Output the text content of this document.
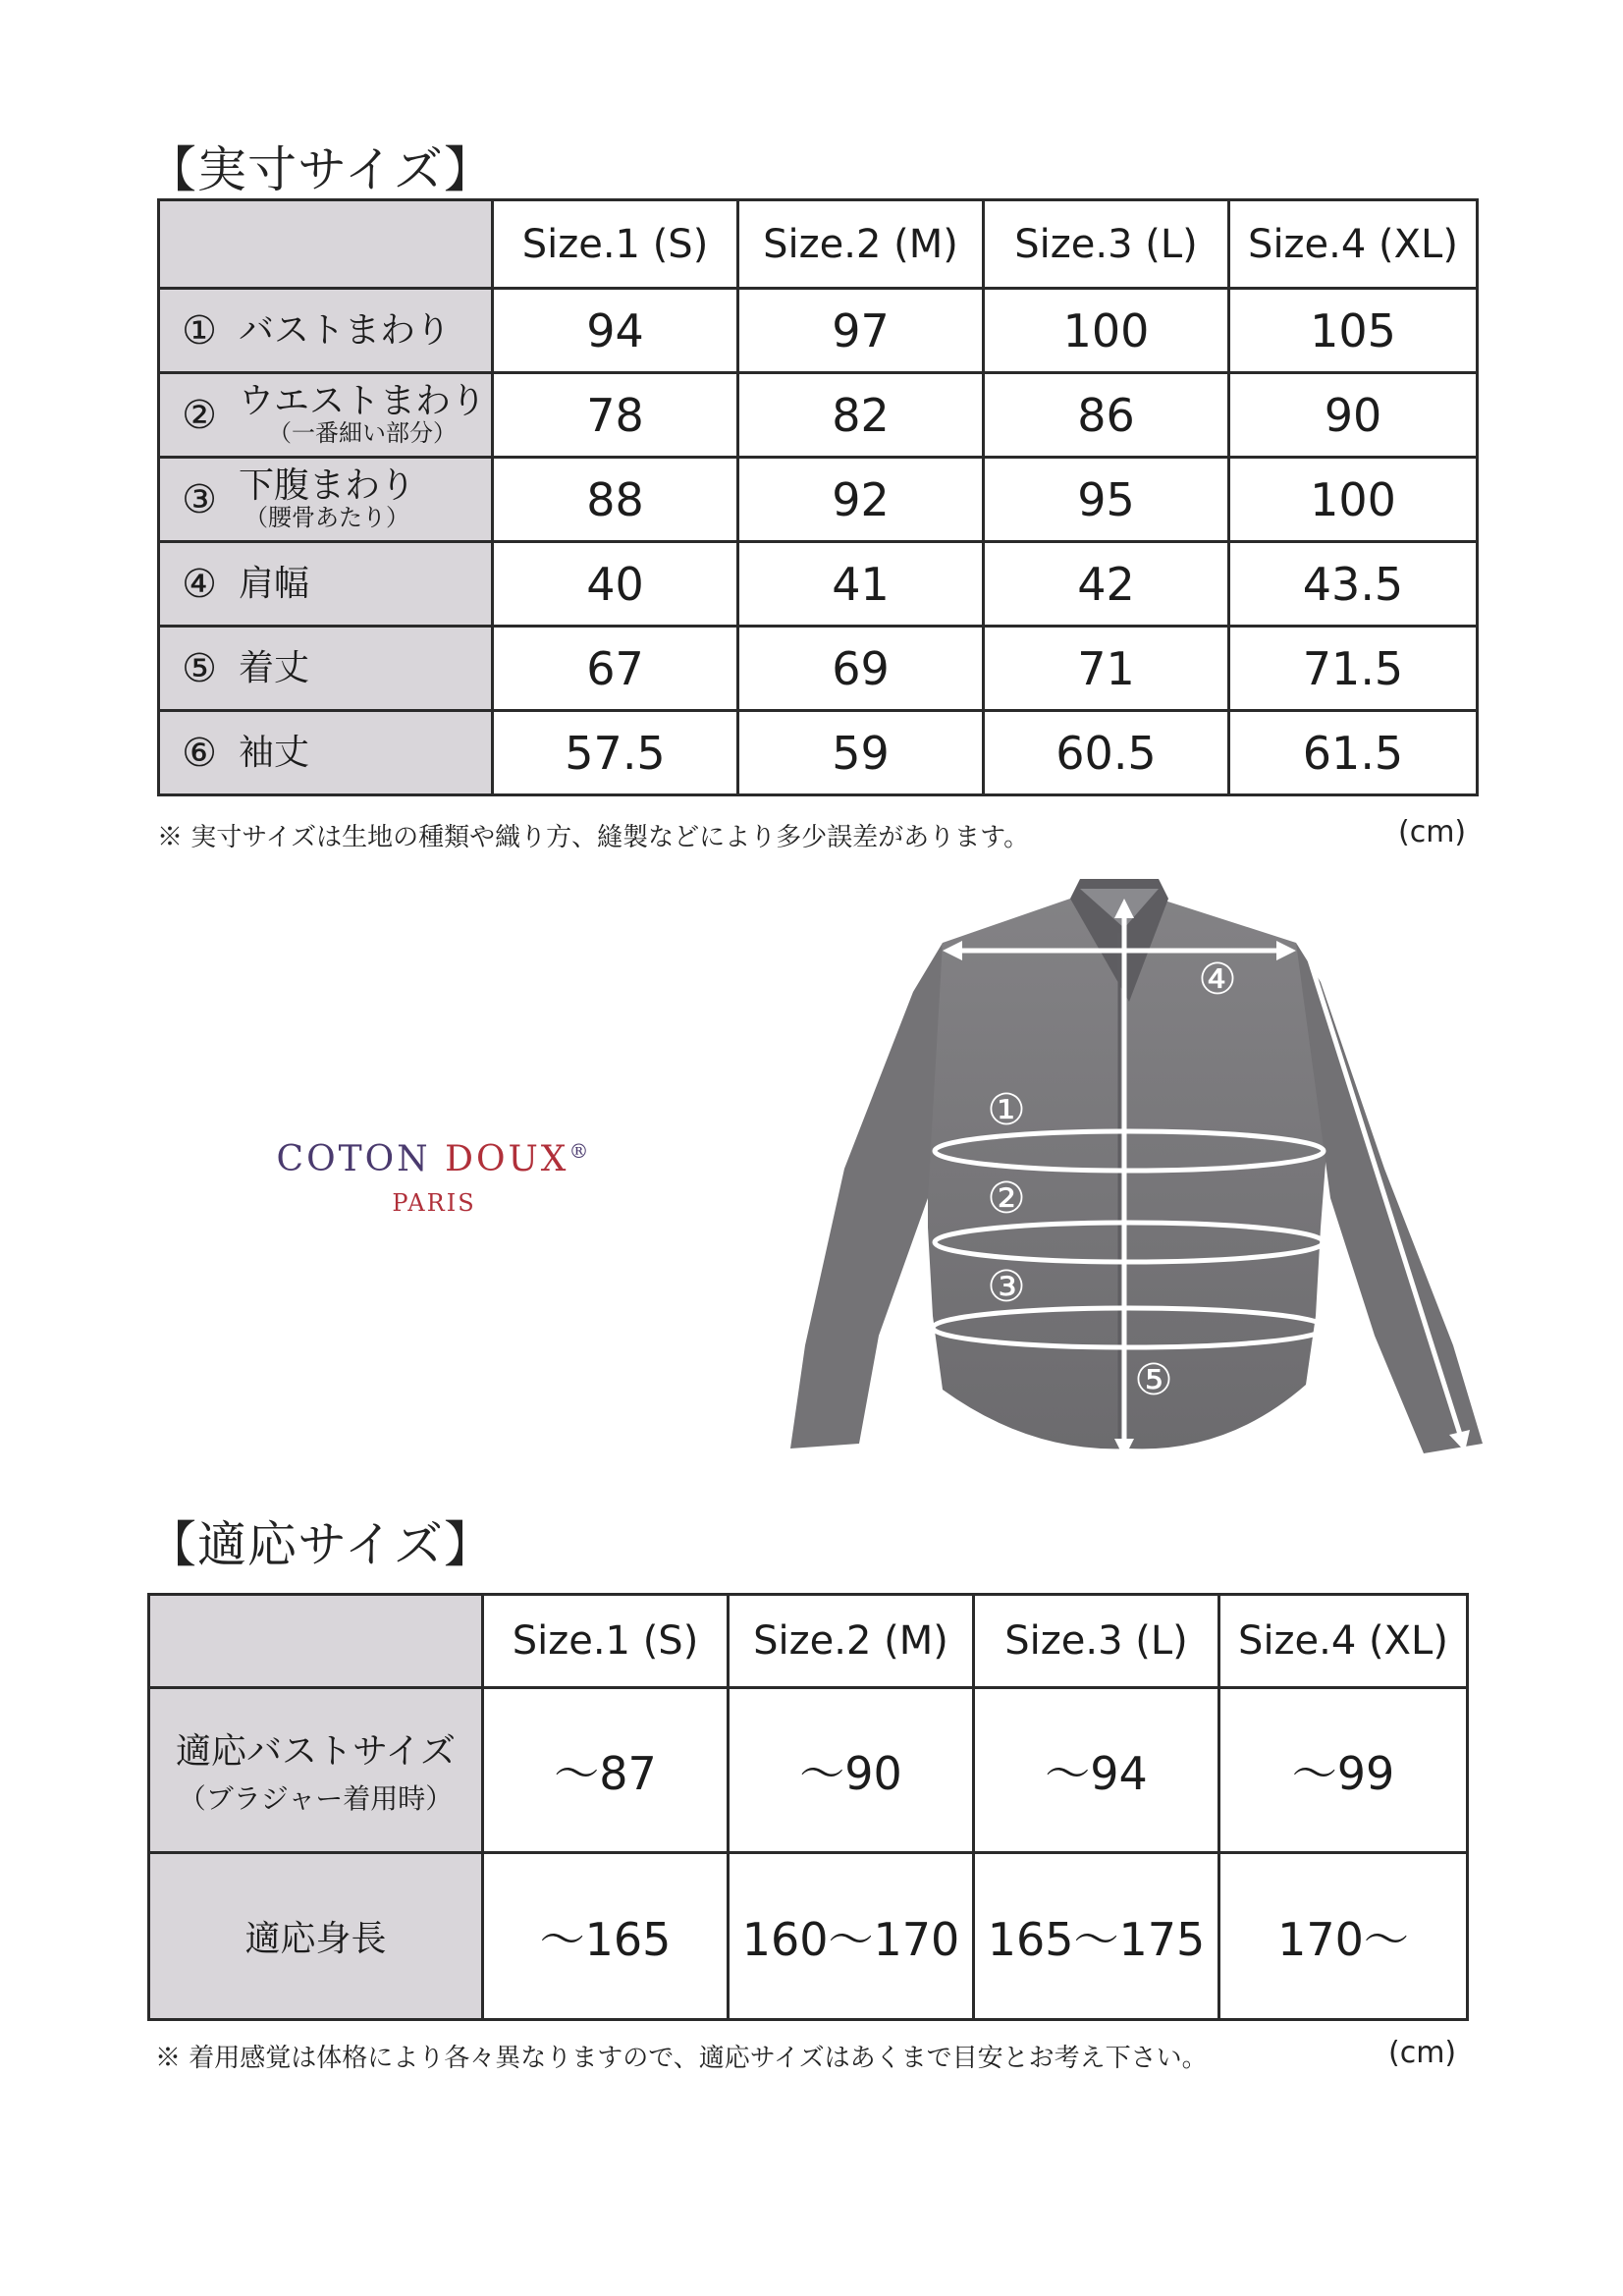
【実寸サイズ】
	Size.1 (S)	Size.2 (M)	Size.3 (L)	Size.4 (XL)

① バストまわり	94	97	100	105

② ウエストまわり
（一番細い部分）	78	82	86	90

③ 下腹まわり
（腰骨あたり）	88	92	95	100

④ 肩幅	40	41	42	43.5

⑤ 着丈	67	69	71	71.5

⑥ 袖丈	57.5	59	60.5	61.5
※ 実寸サイズは生地の種類や織り方、縫製などにより多少誤差があります。	(cm)
COTON DOUX®
PARIS
①
②
③
④
⑤
⑥
【適応サイズ】
	Size.1 (S)	Size.2 (M)	Size.3 (L)	Size.4 (XL)

適応バストサイズ
（ブラジャー着用時）	～87	～90	～94	～99

適応身長	～165	160～170	165～175	170～
※ 着用感覚は体格により各々異なりますので、適応サイズはあくまで目安とお考え下さい。	(cm)
